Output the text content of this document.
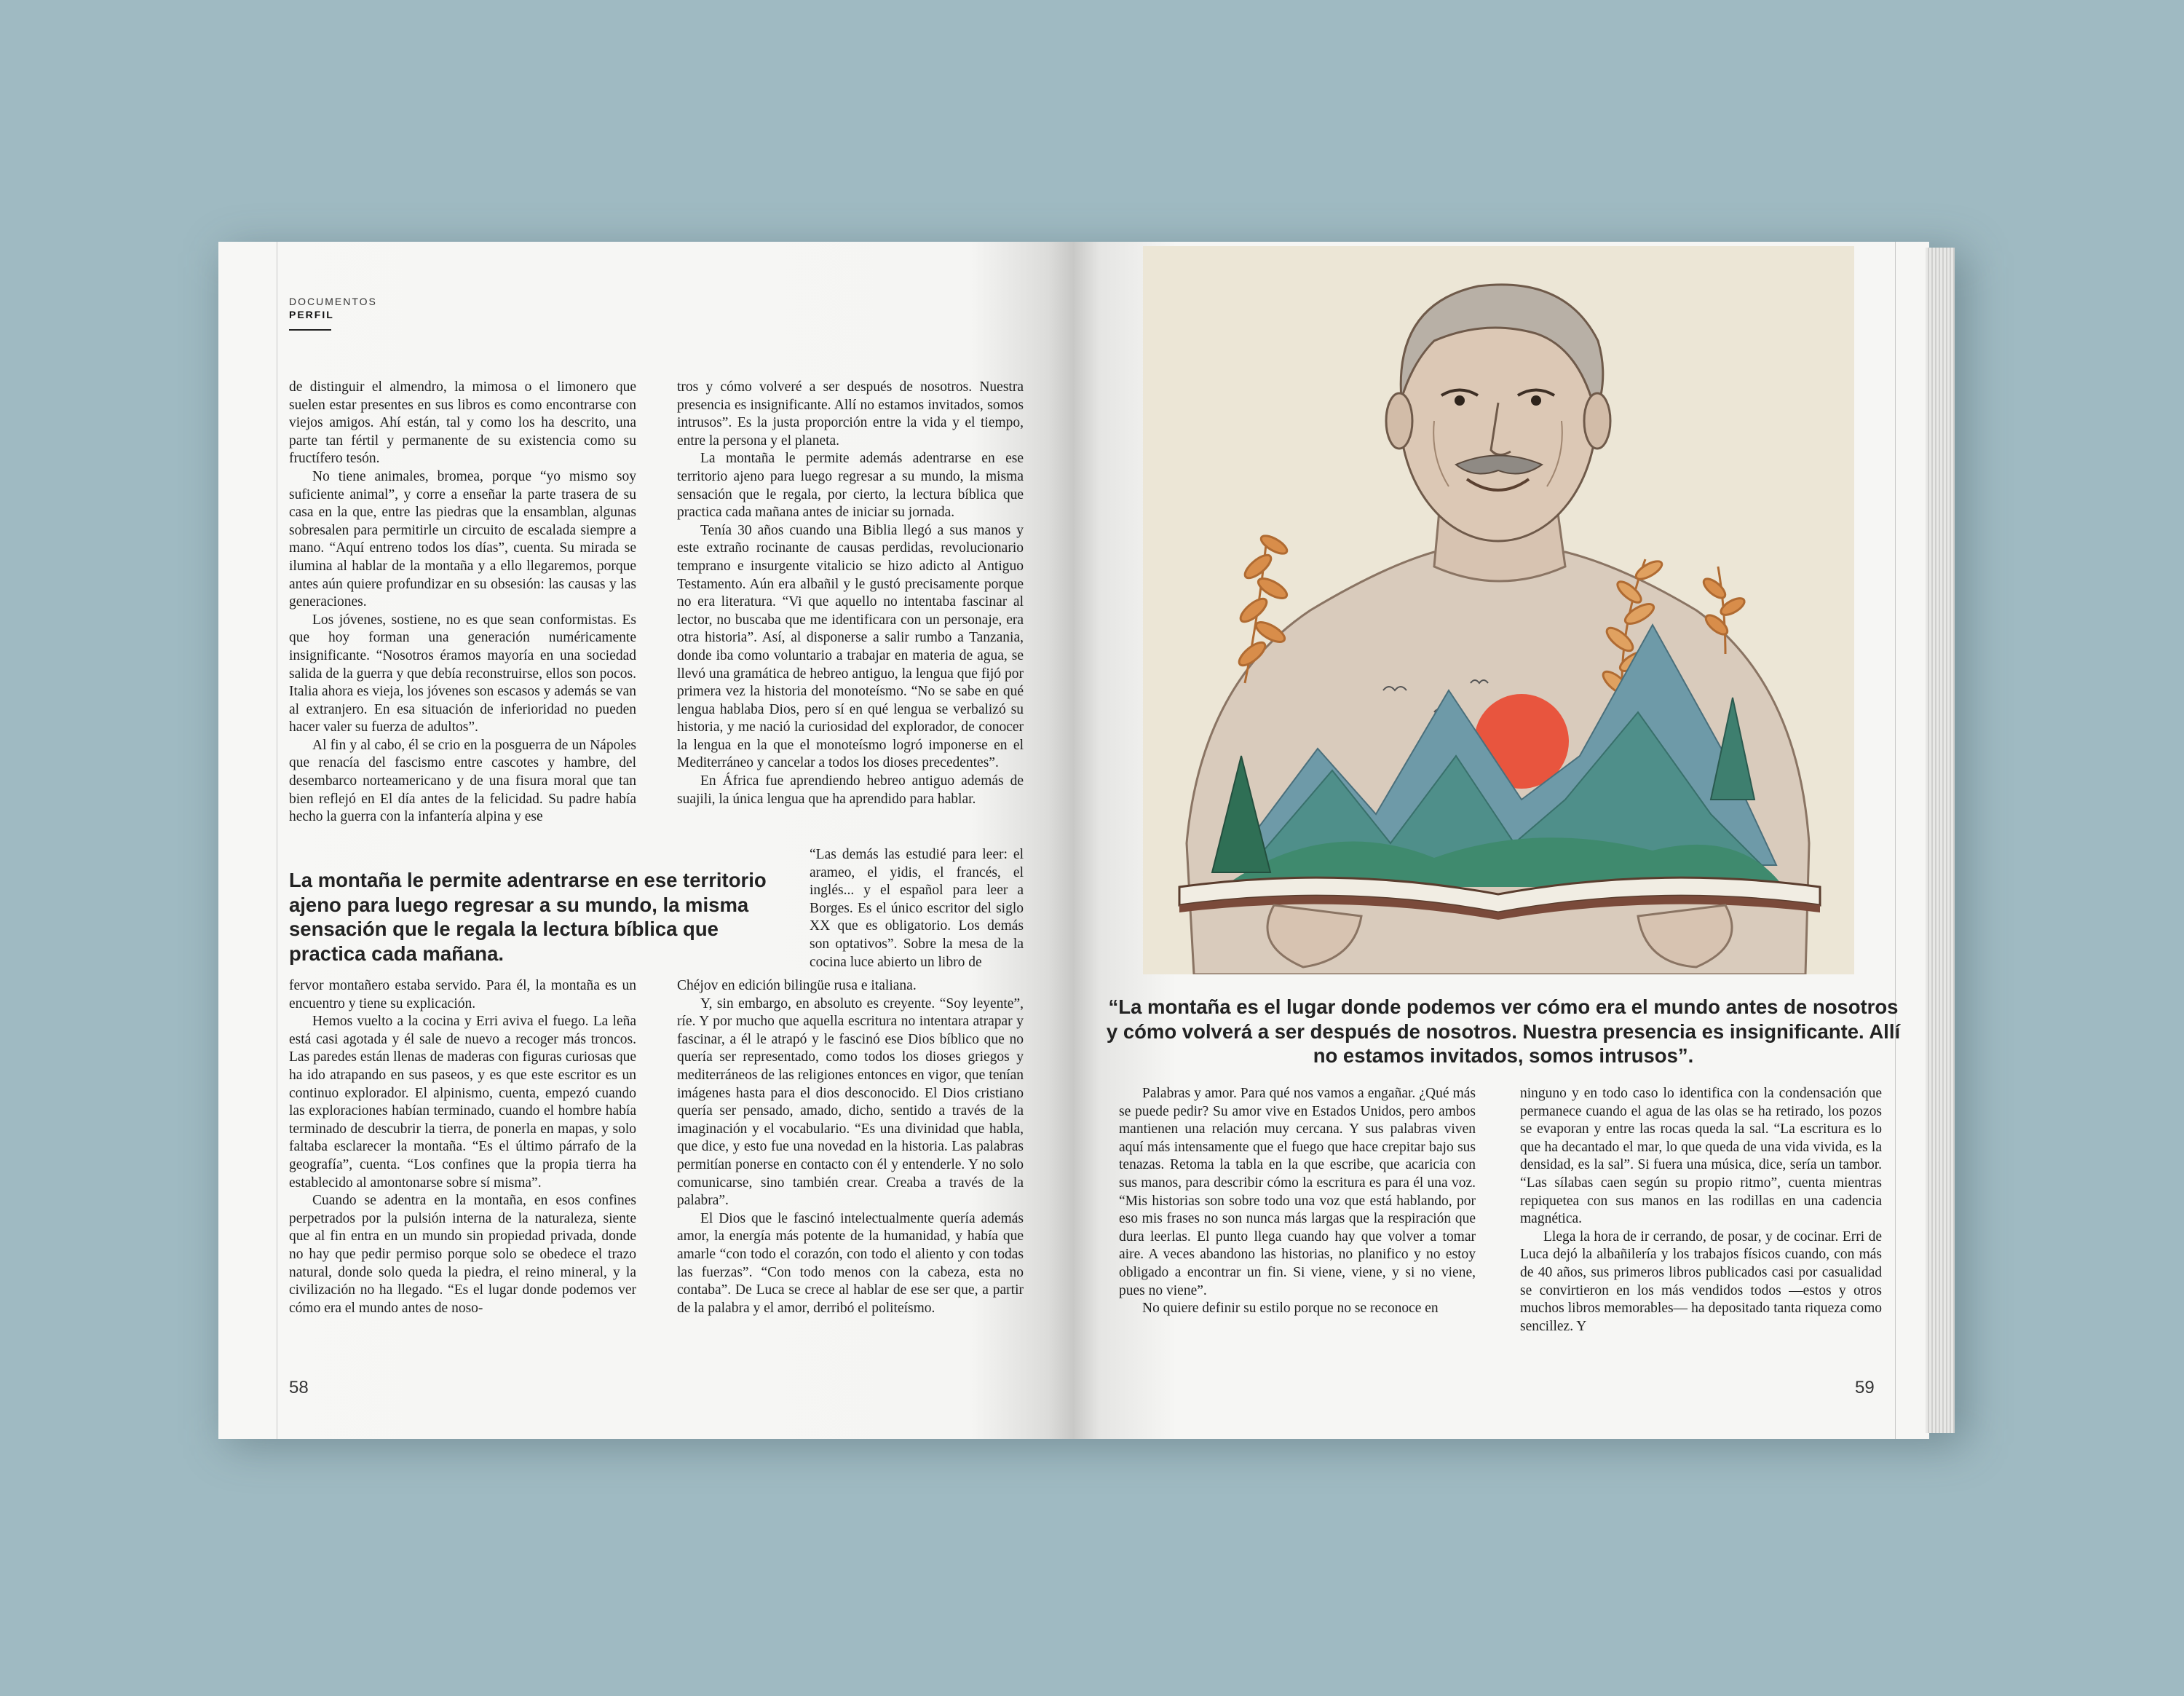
DOCUMENTOS
PERFIL

de distinguir el almendro, la mimosa o el limonero que suelen estar presentes en sus libros es como encontrarse con viejos amigos. Ahí están, tal y como los ha descrito, una parte tan fértil y permanente de su existencia como su fructífero tesón.

No tiene animales, bromea, porque “yo mismo soy suficiente animal”, y corre a enseñar la parte trasera de su casa en la que, entre las piedras que la ensamblan, algunas sobresalen para permitirle un circuito de escalada siempre a mano. “Aquí entreno todos los días”, cuenta. Su mirada se ilumina al hablar de la montaña y a ello llegaremos, porque antes aún quiere profundizar en su obsesión: las causas y las generaciones.

Los jóvenes, sostiene, no es que sean conformistas. Es que hoy forman una generación numéricamente insignificante. “Nosotros éramos mayoría en una sociedad salida de la guerra y que debía reconstruirse, ellos son pocos. Italia ahora es vieja, los jóvenes son escasos y además se van al extranjero. En esa situación de inferioridad no pueden hacer valer su fuerza de adultos”.

Al fin y al cabo, él se crio en la posguerra de un Nápoles que renacía del fascismo entre cascotes y hambre, del desembarco norteamericano y de una fisura moral que tan bien reflejó en El día antes de la felicidad. Su padre había hecho la guerra con la infantería alpina y ese

La montaña le permite adentrarse en ese territorio ajeno para luego regresar a su mundo, la misma sensación que le regala la lectura bíblica que practica cada mañana.

fervor montañero estaba servido. Para él, la montaña es un encuentro y tiene su explicación.

Hemos vuelto a la cocina y Erri aviva el fuego. La leña está casi agotada y él sale de nuevo a recoger más troncos. Las paredes están llenas de maderas con figuras curiosas que ha ido atrapando en sus paseos, y es que este escritor es un continuo explorador. El alpinismo, cuenta, empezó cuando las exploraciones habían terminado, cuando el hombre había terminado de descubrir la tierra, de ponerla en mapas, y solo faltaba esclarecer la montaña. “Es el último párrafo de la geografía”, cuenta. “Los confines que la propia tierra ha establecido al amontonarse sobre sí misma”.

Cuando se adentra en la montaña, en esos confines perpetrados por la pulsión interna de la naturaleza, siente que al fin entra en un mundo sin propiedad privada, donde no hay que pedir permiso porque solo se obedece el trazo natural, donde solo queda la piedra, el reino mineral, y la civilización no ha llegado. “Es el lugar donde podemos ver cómo era el mundo antes de noso-

tros y cómo volveré a ser después de nosotros. Nuestra presencia es insignificante. Allí no estamos invitados, somos intrusos”. Es la justa proporción entre la vida y el tiempo, entre la persona y el planeta.

La montaña le permite además adentrarse en ese territorio ajeno para luego regresar a su mundo, la misma sensación que le regala, por cierto, la lectura bíblica que practica cada mañana antes de iniciar su jornada.

Tenía 30 años cuando una Biblia llegó a sus manos y este extraño rocinante de causas perdidas, revolucionario temprano e insurgente vitalicio se hizo adicto al Antiguo Testamento. Aún era albañil y le gustó precisamente porque no era literatura. “Vi que aquello no intentaba fascinar al lector, no buscaba que me identificara con un personaje, era otra historia”. Así, al disponerse a salir rumbo a Tanzania, donde iba como voluntario a trabajar en materia de agua, se llevó una gramática de hebreo antiguo, la lengua que fijó por primera vez la historia del monoteísmo. “No se sabe en qué lengua hablaba Dios, pero sí en qué lengua se verbalizó su historia, y me nació la curiosidad del explorador, de conocer la lengua en la que el monoteísmo logró imponerse en el Mediterráneo y cancelar a todos los dioses precedentes”.

En África fue aprendiendo hebreo antiguo además de suajili, la única lengua que ha aprendido para hablar.

“Las demás las estudié para leer: el arameo, el yidis, el francés, el inglés... y el español para leer a Borges. Es el único escritor del siglo XX que es obligatorio. Los demás son optativos”. Sobre la mesa de la cocina luce abierto un libro de

Chéjov en edición bilingüe rusa e italiana.

Y, sin embargo, en absoluto es creyente. “Soy leyente”, ríe. Y por mucho que aquella escritura no intentara atrapar y fascinar, a él le atrapó y le fascinó ese Dios bíblico que no quería ser representado, como todos los dioses griegos y mediterráneos de las religiones entonces en vigor, que tenían imágenes hasta para el dios desconocido. El Dios cristiano quería ser pensado, amado, dicho, sentido a través de la imaginación y el vocabulario. “Es una divinidad que habla, que dice, y esto fue una novedad en la historia. Las palabras permitían ponerse en contacto con él y entenderle. Y no solo comunicarse, sino también crear. Creaba a través de la palabra”.

El Dios que le fascinó intelectualmente quería además amor, la energía más potente de la humanidad, y había que amarle “con todo el corazón, con todo el aliento y con todas las fuerzas”. “Con todo menos con la cabeza, esta no contaba”. De Luca se crece al hablar de ese ser que, a partir de la palabra y el amor, derribó el politeísmo.

58
“La montaña es el lugar donde podemos ver cómo era el mundo antes de nosotros y cómo volverá a ser después de nosotros. Nuestra presencia es insignificante. Allí no estamos invitados, somos intrusos”.

Palabras y amor. Para qué nos vamos a engañar. ¿Qué más se puede pedir? Su amor vive en Estados Unidos, pero ambos mantienen una relación muy cercana. Y sus palabras viven aquí más intensamente que el fuego que hace crepitar bajo sus tenazas. Retoma la tabla en la que escribe, que acaricia con sus manos, para describir cómo la escritura es para él una voz. “Mis historias son sobre todo una voz que está hablando, por eso mis frases no son nunca más largas que la respiración que dura leerlas. El punto llega cuando hay que volver a tomar aire. A veces abandono las historias, no planifico y no estoy obligado a encontrar un fin. Si viene, viene, y si no viene, pues no viene”.

No quiere definir su estilo porque no se reconoce en

ninguno y en todo caso lo identifica con la condensación que permanece cuando el agua de las olas se ha retirado, los pozos se evaporan y entre las rocas queda la sal. “La escritura es lo que ha decantado el mar, lo que queda de una vida vivida, es la densidad, es la sal”. Si fuera una música, dice, sería un tambor. “Las sílabas caen según su propio ritmo”, cuenta mientras repiquetea con sus manos en las rodillas en una cadencia magnética.

Llega la hora de ir cerrando, de posar, y de cocinar. Erri de Luca dejó la albañilería y los trabajos físicos cuando, con más de 40 años, sus primeros libros publicados casi por casualidad se convirtieron en los más vendidos todos —estos y otros muchos libros memorables— ha depositado tanta riqueza como sencillez. Y

59
